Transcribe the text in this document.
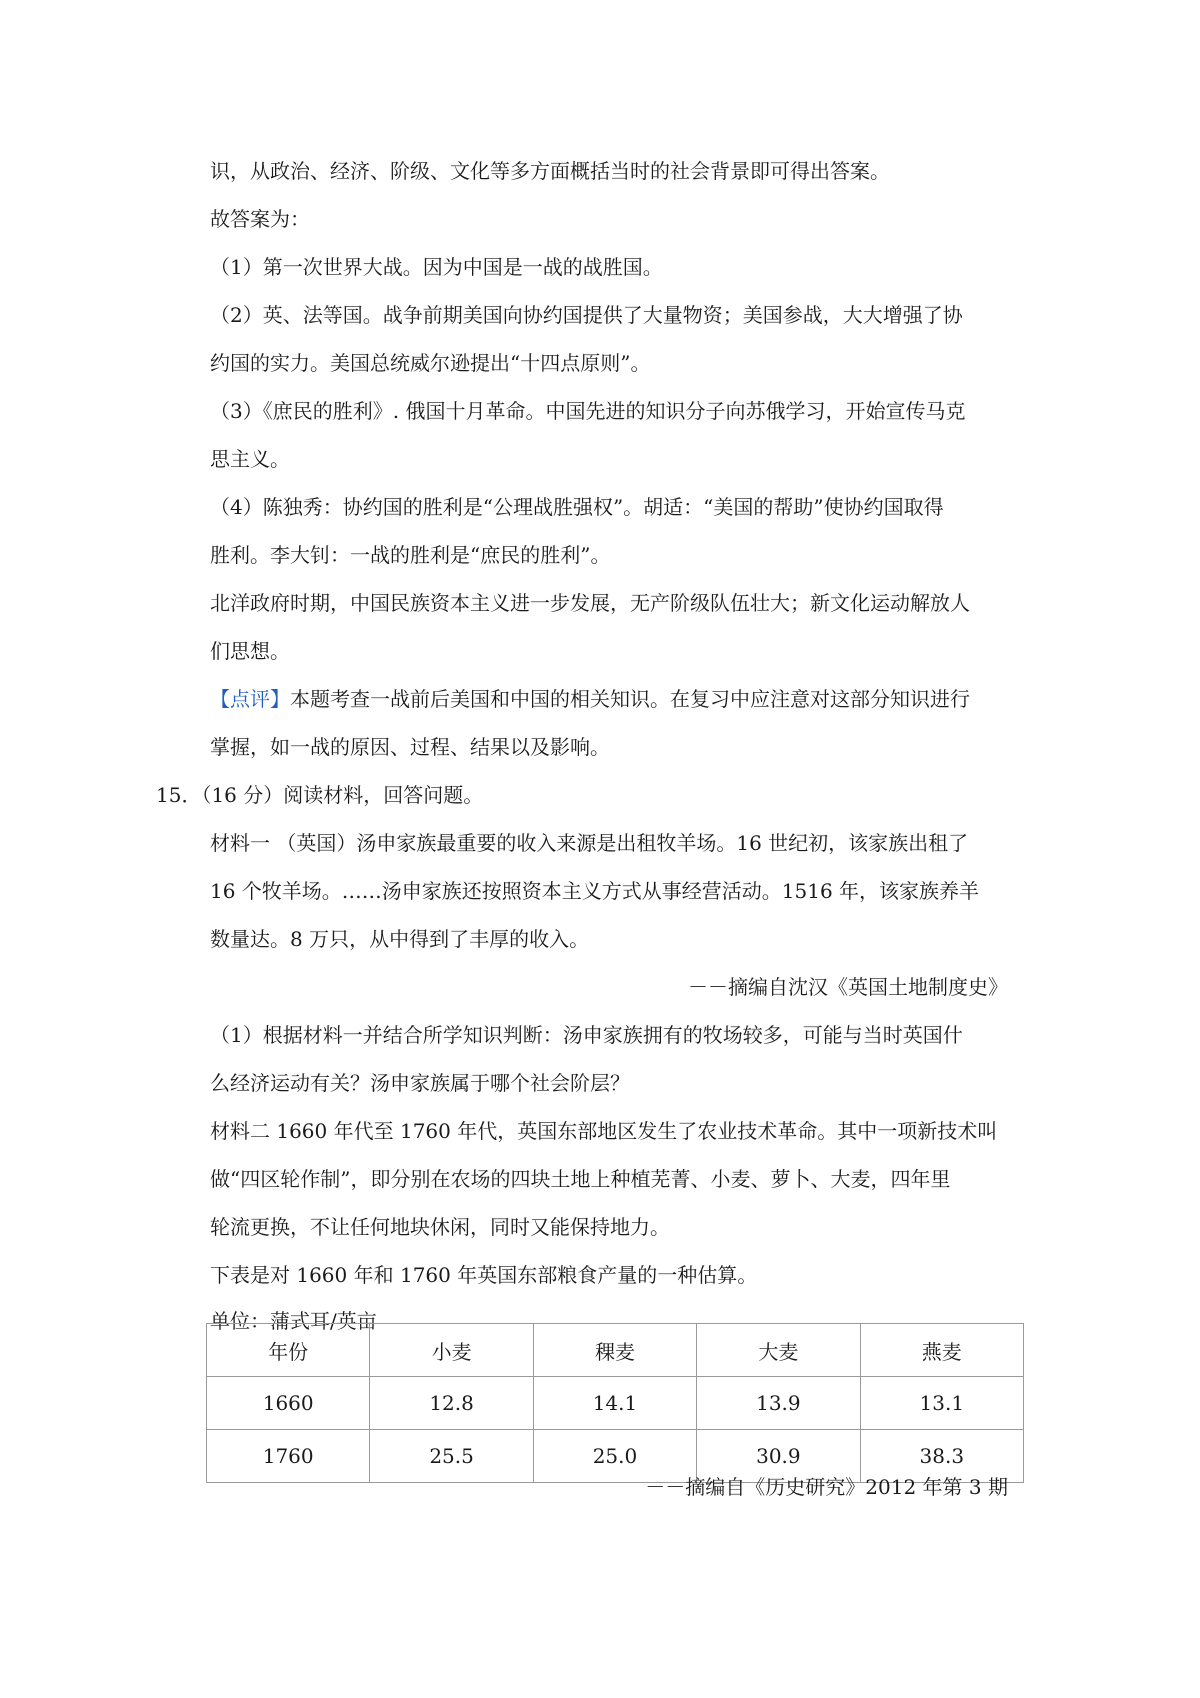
识，从政治、经济、阶级、文化等多方面概括当时的社会背景即可得出答案。
故答案为：
（1）第一次世界大战。因为中国是一战的战胜国。
（2）英、法等国。战争前期美国向协约国提供了大量物资；美国参战，大大增强了协
约国的实力。美国总统威尔逊提出“十四点原则”。
（3）《庶民的胜利》. 俄国十月革命。中国先进的知识分子向苏俄学习，开始宣传马克
思主义。
（4）陈独秀：协约国的胜利是“公理战胜强权”。胡适：“美国的帮助”使协约国取得
胜利。李大钊：一战的胜利是“庶民的胜利”。
北洋政府时期，中国民族资本主义进一步发展，无产阶级队伍壮大；新文化运动解放人
们思想。
【点评】本题考查一战前后美国和中国的相关知识。在复习中应注意对这部分知识进行
掌握，如一战的原因、过程、结果以及影响。
15．（16 分）阅读材料，回答问题。
材料一 （英国）汤申家族最重要的收入来源是出租牧羊场。16 世纪初，该家族出租了
16 个牧羊场。……汤申家族还按照资本主义方式从事经营活动。1516 年，该家族养羊
数量达。8 万只，从中得到了丰厚的收入。
－－摘编自沈汉《英国土地制度史》
（1）根据材料一并结合所学知识判断：汤申家族拥有的牧场较多，可能与当时英国什
么经济运动有关？汤申家族属于哪个社会阶层？
材料二 1660 年代至 1760 年代，英国东部地区发生了农业技术革命。其中一项新技术叫
做“四区轮作制”，即分别在农场的四块土地上种植芜菁、小麦、萝卜、大麦，四年里
轮流更换，不让任何地块休闲，同时又能保持地力。
下表是对 1660 年和 1760 年英国东部粮食产量的一种估算。
单位：蒲式耳/英亩
年份	小麦	稞麦	大麦	燕麦
1660	12.8	14.1	13.9	13.1
1760	25.5	25.0	30.9	38.3
－－摘编自《历史研究》2012 年第 3 期
